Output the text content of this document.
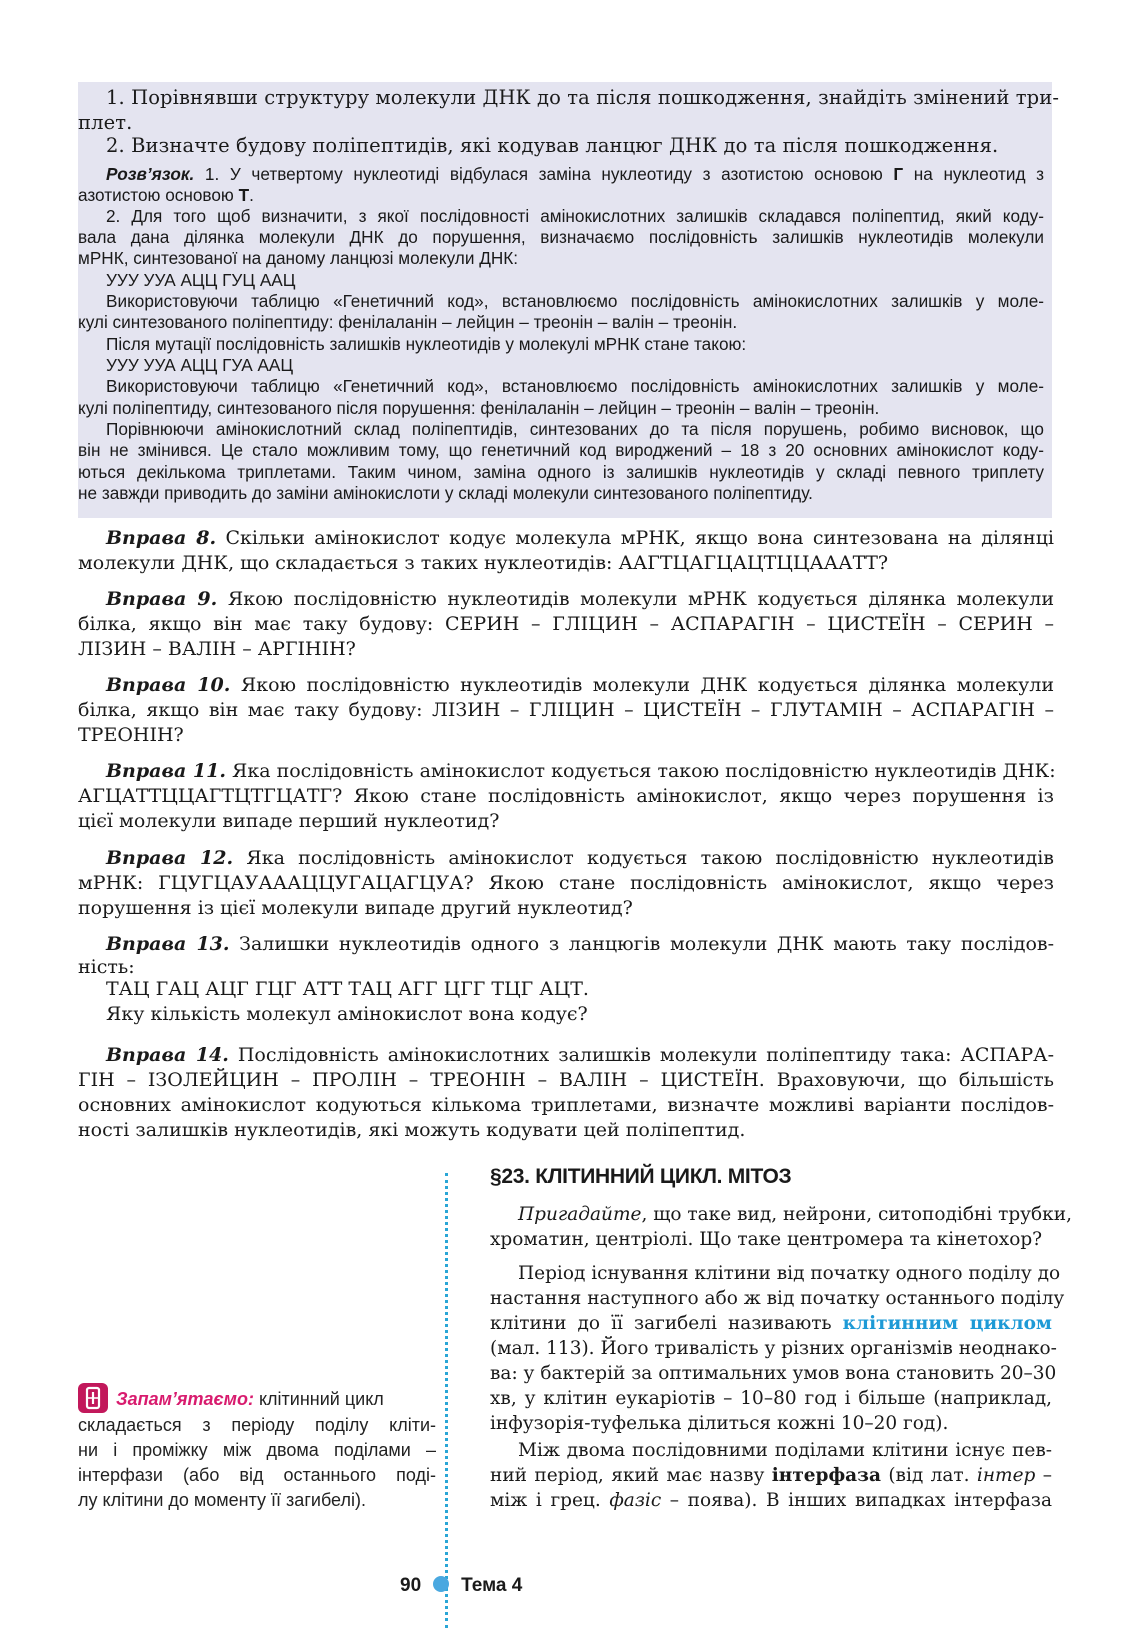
1. Порівнявши структуру молекули ДНК до та після пошкодження, знайдіть змінений три-
плет.
2. Визначте будову поліпептидів, які кодував ланцюг ДНК до та після пошкодження.
Розв’язок. 1. У четвертому нуклеотиді відбулася заміна нуклеотиду з азотистою основою Г на нуклеотид з
азотистою основою Т.
2. Для того щоб визначити, з якої послідовності амінокислотних залишків складався поліпептид, який коду-
вала дана ділянка молекули ДНК до порушення, визначаємо послідовність залишків нуклеотидів молекули
мРНК, синтезованої на даному ланцюзі молекули ДНК:
УУУ УУА АЦЦ ГУЦ ААЦ
Використовуючи таблицю «Генетичний код», встановлюємо послідовність амінокислотних залишків у моле-
кулі синтезованого поліпептиду: фенілаланін – лейцин – треонін – валін – треонін.
Після мутації послідовність залишків нуклеотидів у молекулі мРНК стане такою:
УУУ УУА АЦЦ ГУА ААЦ
Використовуючи таблицю «Генетичний код», встановлюємо послідовність амінокислотних залишків у моле-
кулі поліпептиду, синтезованого після порушення: фенілаланін – лейцин – треонін – валін – треонін.
Порівнюючи амінокислотний склад поліпептидів, синтезованих до та після порушень, робимо висновок, що
він не змінився. Це стало можливим тому, що генетичний код вироджений – 18 з 20 основних амінокислот коду-
ються декількома триплетами. Таким чином, заміна одного із залишків нуклеотидів у складі певного триплету
не завжди приводить до заміни амінокислоти у складі молекули синтезованого поліпептиду.
Вправа 8. Скільки амінокислот кодує молекула мРНК, якщо вона синтезована на ділянці
молекули ДНК, що складається з таких нуклеотидів: ААГТЦАГЦАЦТЦЦАААТТ?
Вправа 9. Якою послідовністю нуклеотидів молекули мРНК кодується ділянка молекули
білка, якщо він має таку будову: СЕРИН – ГЛІЦИН – АСПАРАГІН – ЦИСТЕЇН – СЕРИН –
ЛІЗИН – ВАЛІН – АРГІНІН?
Вправа 10. Якою послідовністю нуклеотидів молекули ДНК кодується ділянка молекули
білка, якщо він має таку будову: ЛІЗИН – ГЛІЦИН – ЦИСТЕЇН – ГЛУТАМІН – АСПАРАГІН –
ТРЕОНІН?
Вправа 11. Яка послідовність амінокислот кодується такою послідовністю нуклеотидів ДНК:
АГЦАТТЦЦАГТЦТГЦАТГ? Якою стане послідовність амінокислот, якщо через порушення із
цієї молекули випаде перший нуклеотид?
Вправа 12. Яка послідовність амінокислот кодується такою послідовністю нуклеотидів
мРНК: ГЦУГЦАУАААЦЦУГАЦАГЦУА? Якою стане послідовність амінокислот, якщо через
порушення із цієї молекули випаде другий нуклеотид?
Вправа 13. Залишки нуклеотидів одного з ланцюгів молекули ДНК мають таку послідов-
ність:
ТАЦ ГАЦ АЦГ ГЦГ АТТ ТАЦ АГГ ЦГГ ТЦГ АЦТ.
Яку кількість молекул амінокислот вона кодує?
Вправа 14. Послідовність амінокислотних залишків молекули поліпептиду така: АСПАРА-
ГІН – ІЗОЛЕЙЦИН – ПРОЛІН – ТРЕОНІН – ВАЛІН – ЦИСТЕЇН. Враховуючи, що більшість
основних амінокислот кодуються кількома триплетами, визначте можливі варіанти послідов-
ності залишків нуклеотидів, які можуть кодувати цей поліпептид.
§23. КЛІТИННИЙ ЦИКЛ. МІТОЗ
Пригадайте, що таке вид, нейрони, ситоподібні трубки,
хроматин, центріолі. Що таке центромера та кінетохор?
Період існування клітини від початку одного поділу до
настання наступного або ж від початку останнього поділу
клітини до її загибелі називають клітинним циклом
(мал. 113). Його тривалість у різних організмів неоднако-
ва: у бактерій за оптимальних умов вона становить 20–30
хв, у клітин еукаріотів – 10–80 год і більше (наприклад,
інфузорія-туфелька ділиться кожні 10–20 год).
Між двома послідовними поділами клітини існує пев-
ний період, який має назву інтерфаза (від лат. інтер –
між і грец. фазіс – поява). В інших випадках інтерфаза
Запам’ятаємо: клітинний цикл
складається з періоду поділу кліти-
ни і проміжку між двома поділами –
інтерфази (або від останнього поді-
лу клітини до моменту її загибелі).
90 Тема 4
